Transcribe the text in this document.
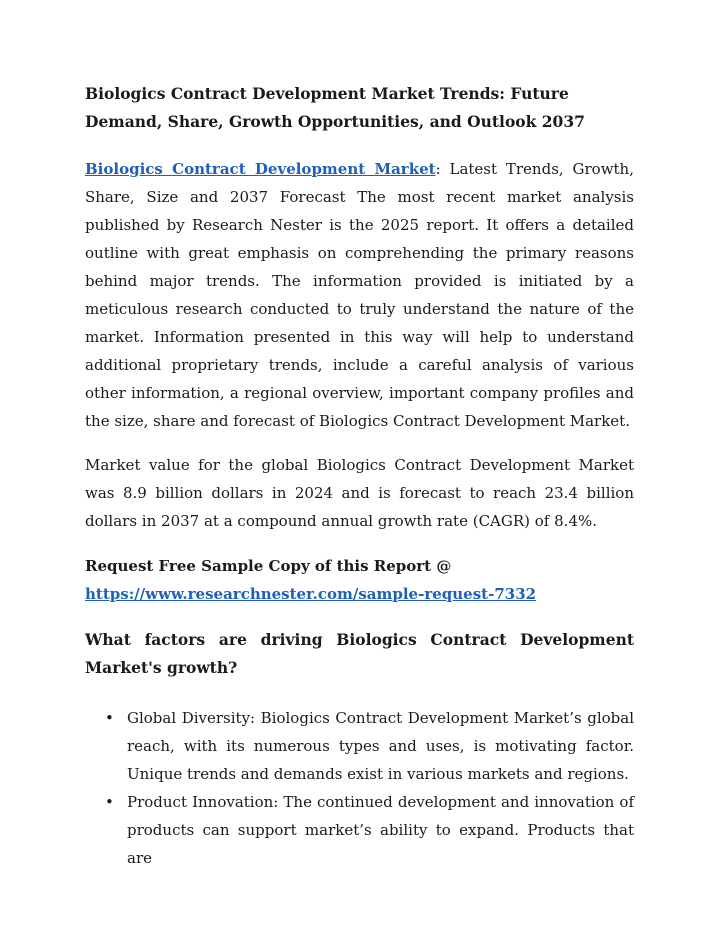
Biologics Contract Development Market Trends: Future Demand, Share, Growth Opportunities, and Outlook 2037

Biologics Contract Development Market: Latest Trends, Growth, Share, Size and 2037 Forecast The most recent market analysis published by Research Nester is the 2025 report. It offers a detailed outline with great emphasis on comprehending the primary reasons behind major trends. The information provided is initiated by a meticulous research conducted to truly understand the nature of the market. Information presented in this way will help to understand additional proprietary trends, include a careful analysis of various other information, a regional overview, important company profiles and the size, share and forecast of Biologics Contract Development Market.

Market value for the global Biologics Contract Development Market was 8.9 billion dollars in 2024 and is forecast to reach 23.4 billion dollars in 2037 at a compound annual growth rate (CAGR) of 8.4%.

Request Free Sample Copy of this Report @
https://www.researchnester.com/sample-request-7332
What factors are driving Biologics Contract Development Market's growth?
• Global Diversity: Biologics Contract Development Market’s global reach, with its numerous types and uses, is motivating factor. Unique trends and demands exist in various markets and regions.
• Product Innovation: The continued development and innovation of products can support market’s ability to expand. Products that are
